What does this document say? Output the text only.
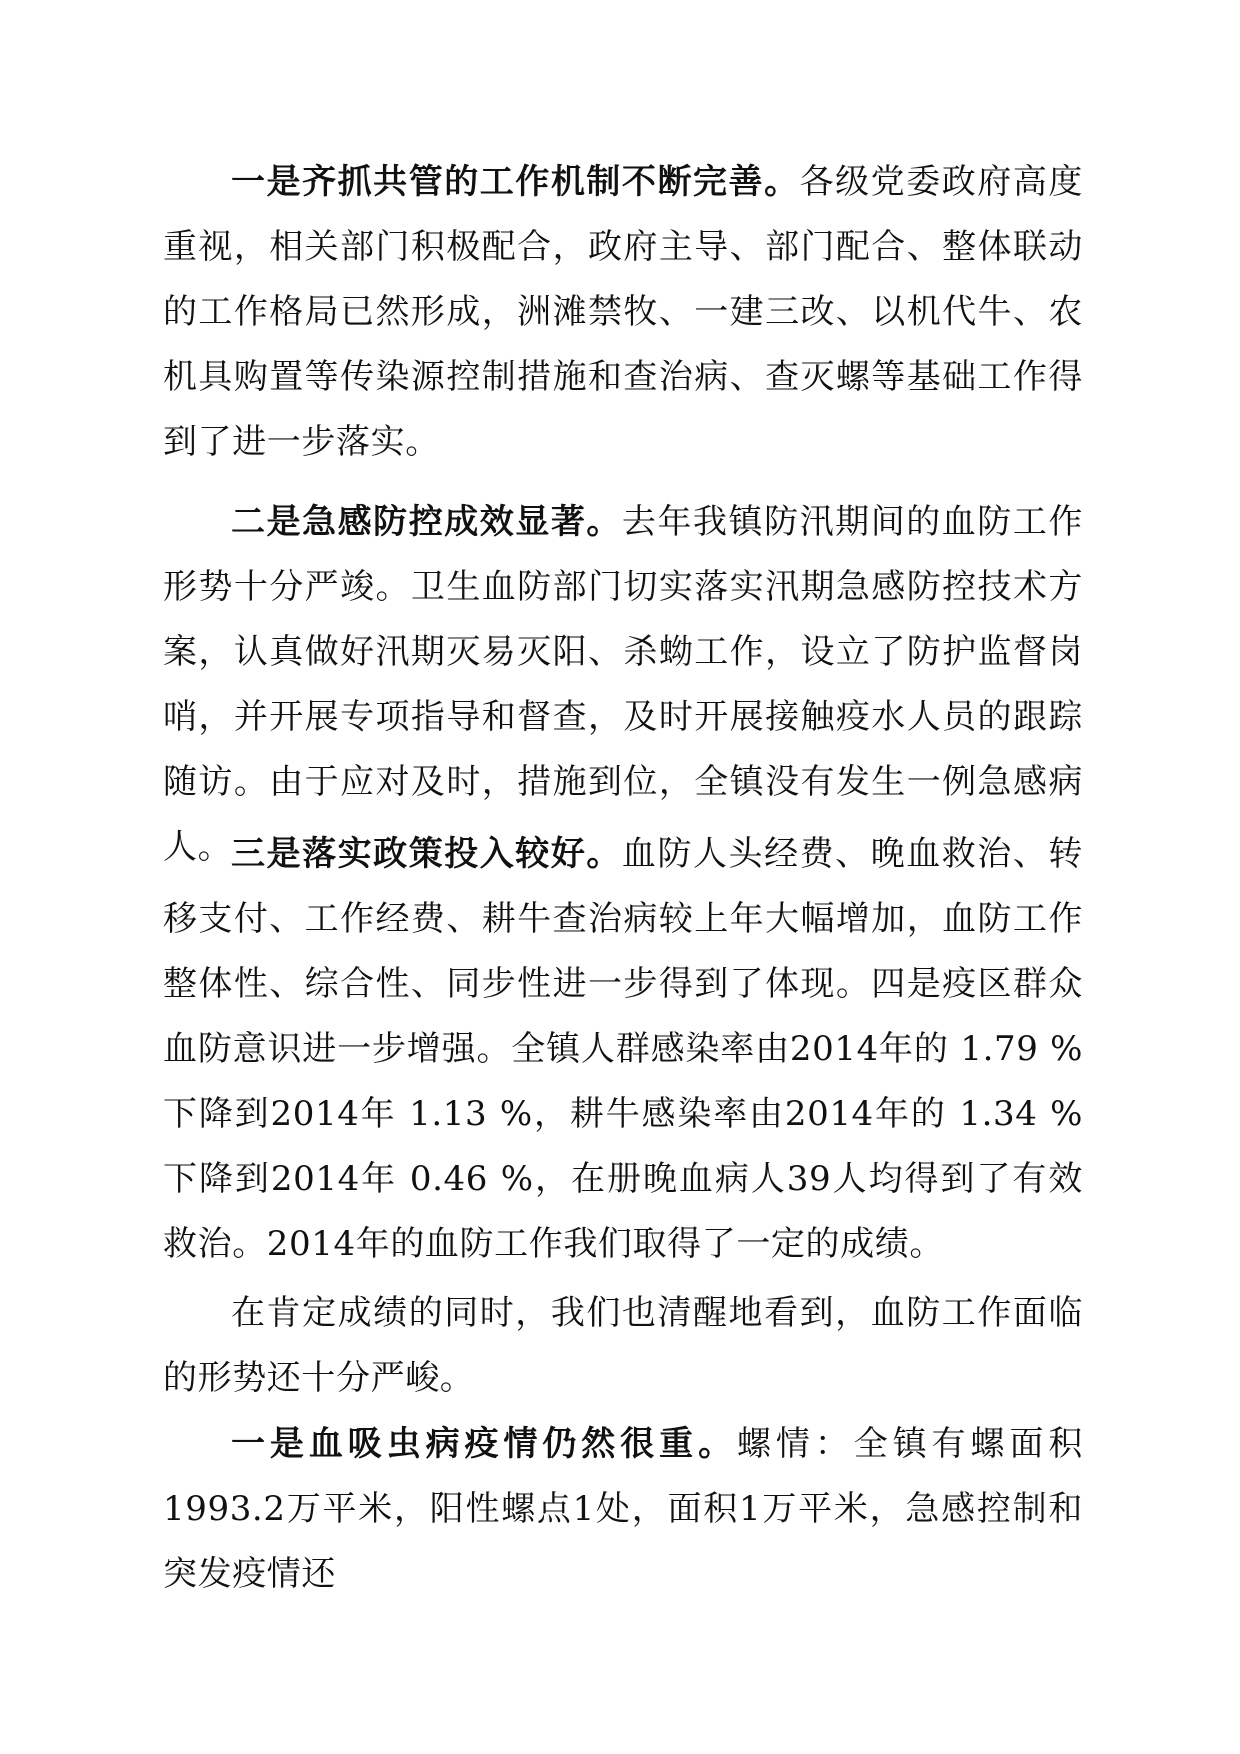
一是齐抓共管的工作机制不断完善。各级党委政府高度重视，相关部门积极配合，政府主导、部门配合、整体联动的工作格局已然形成，洲滩禁牧、一建三改、以机代牛、农机具购置等传染源控制措施和查治病、查灭螺等基础工作得到了进一步落实。

二是急感防控成效显著。去年我镇防汛期间的血防工作形势十分严竣。卫生血防部门切实落实汛期急感防控技术方案，认真做好汛期灭易灭阳、杀蚴工作，设立了防护监督岗哨，并开展专项指导和督查，及时开展接触疫水人员的跟踪随访。由于应对及时，措施到位，全镇没有发生一例急感病人。

三是落实政策投入较好。血防人头经费、晚血救治、转移支付、工作经费、耕牛查治病较上年大幅增加，血防工作整体性、综合性、同步性进一步得到了体现。四是疫区群众血防意识进一步增强。全镇人群感染率由2014年的 1.79 %下降到2014年 1.13 %，耕牛感染率由2014年的 1.34 %下降到2014年 0.46 %，在册晚血病人39人均得到了有效救治。2014年的血防工作我们取得了一定的成绩。

在肯定成绩的同时，我们也清醒地看到，血防工作面临的形势还十分严峻。

一是血吸虫病疫情仍然很重。螺情：全镇有螺面积 1993.2万平米，阳性螺点1处，面积1万平米，急感控制和突发疫情还
